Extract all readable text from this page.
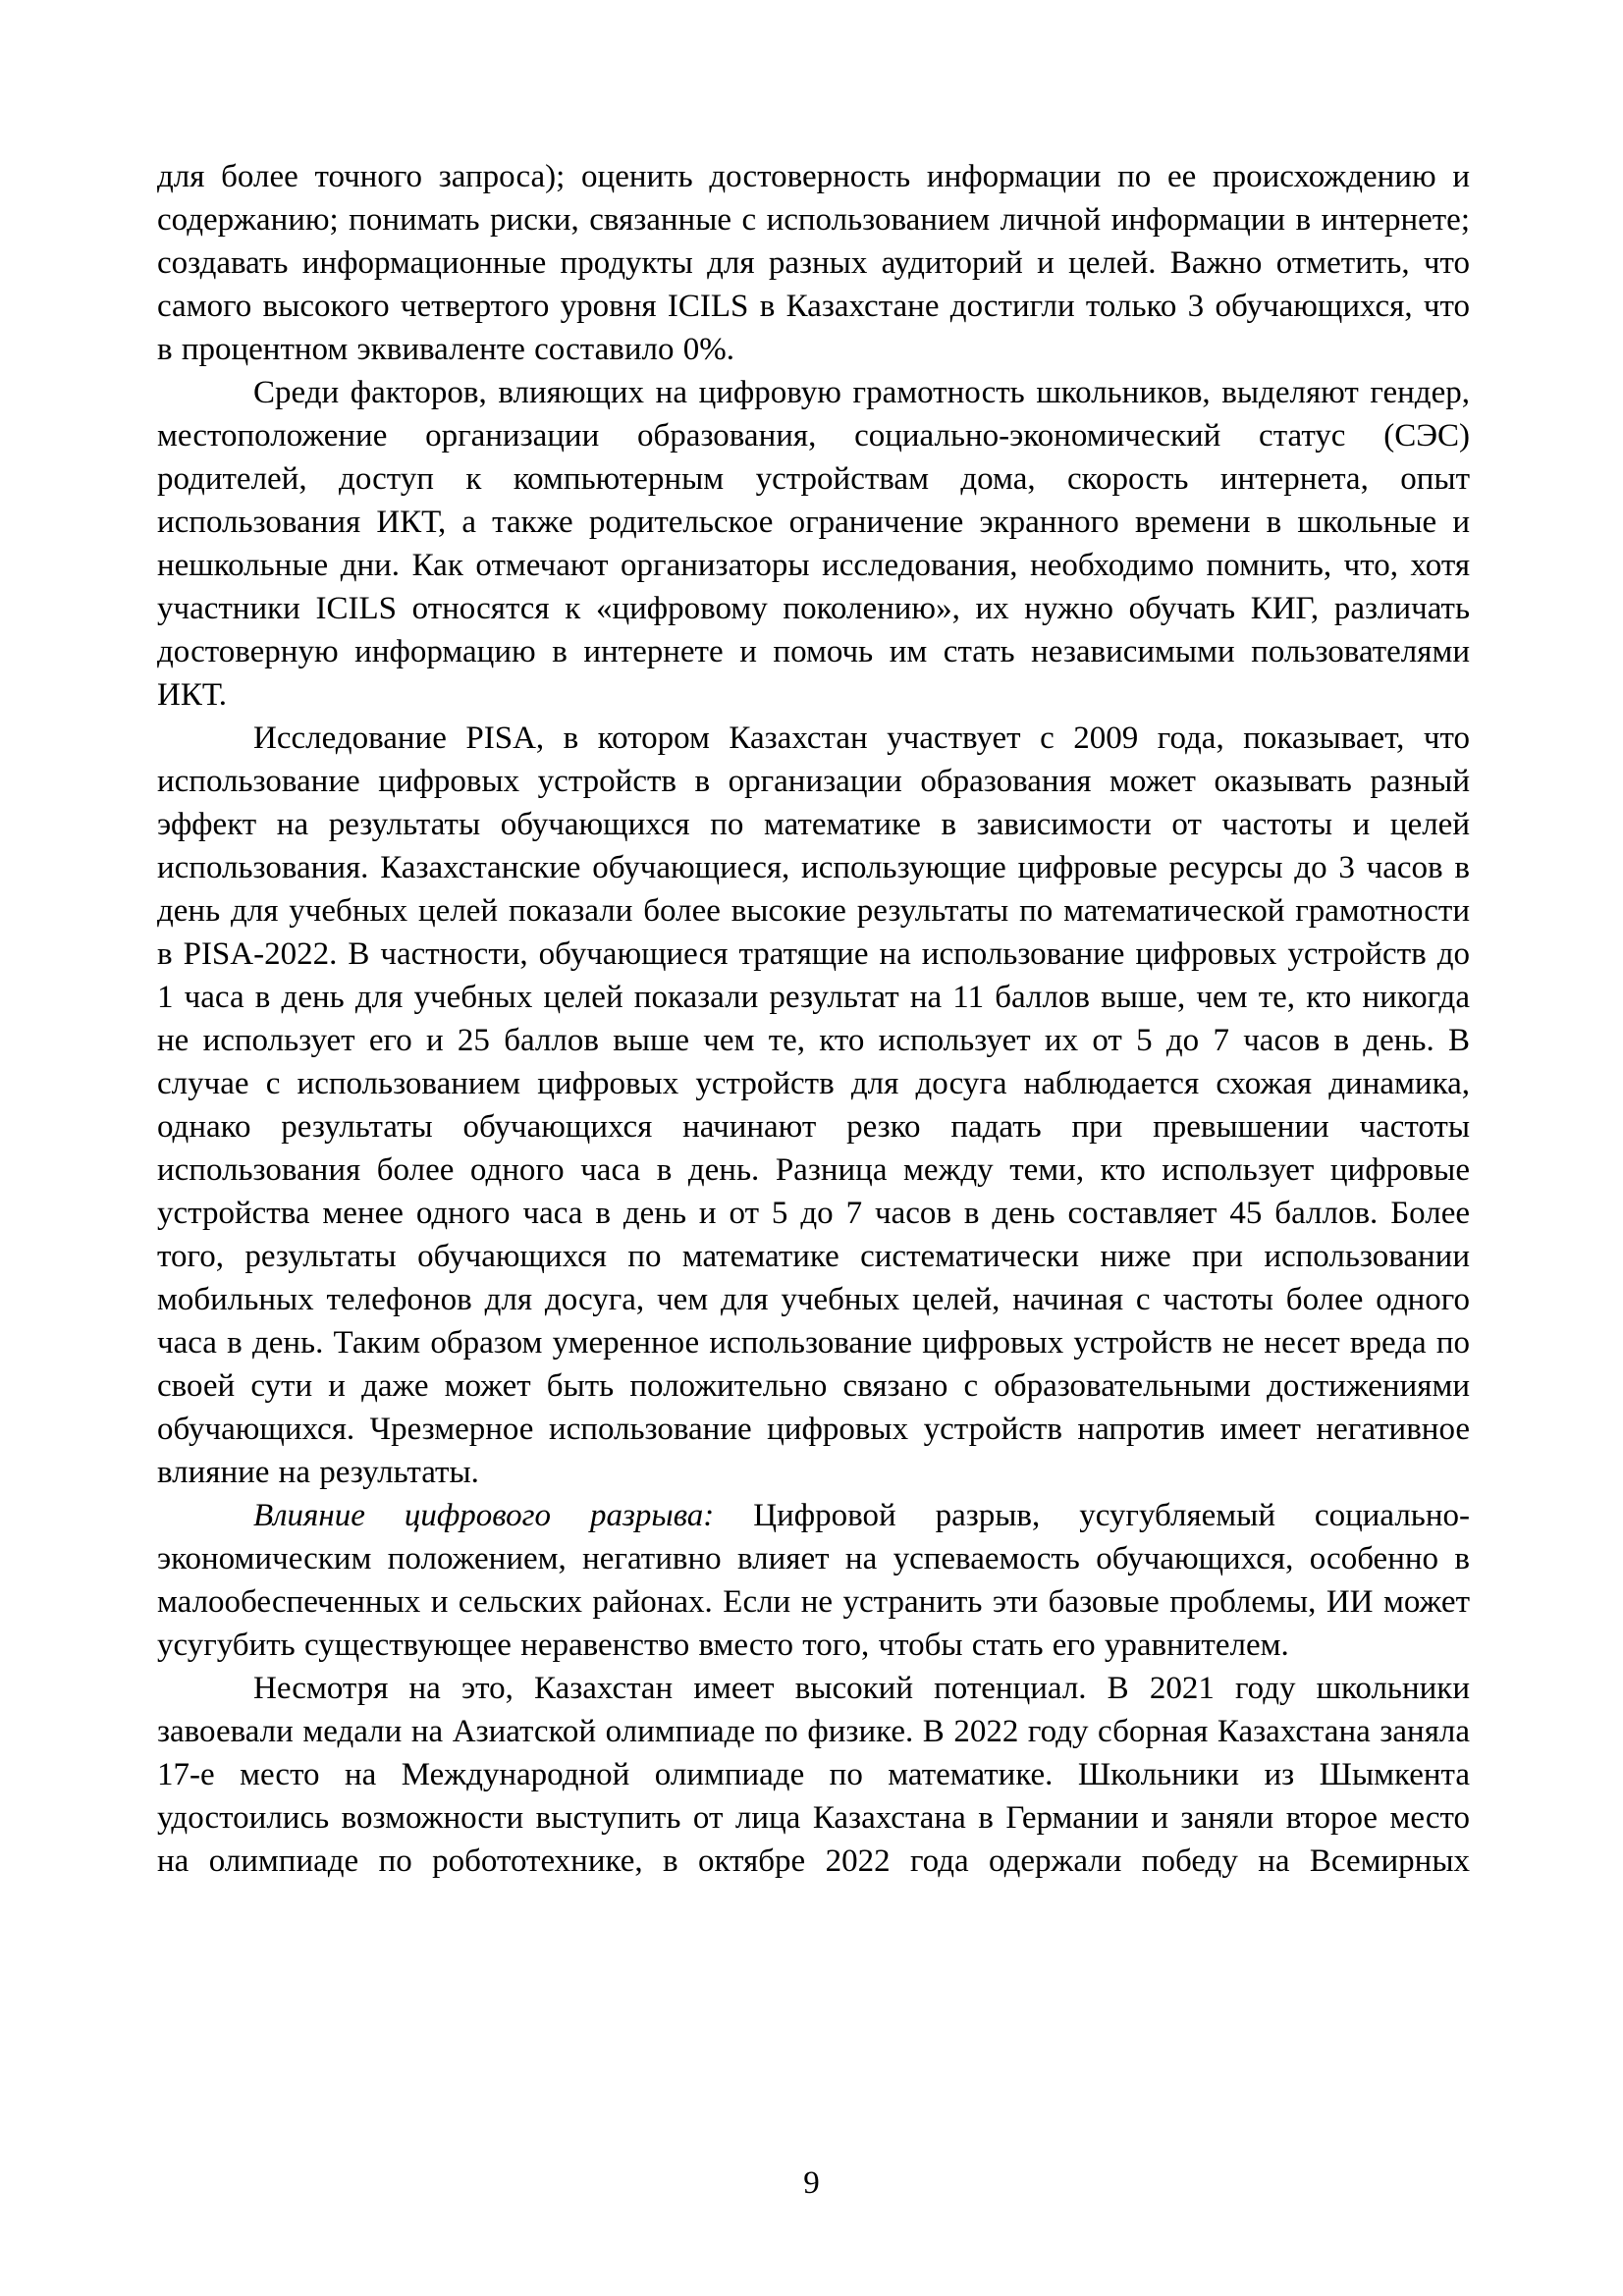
для более точного запроса); оценить достоверность информации по ее происхождению и содержанию; понимать риски, связанные с использованием личной информации в интернете; создавать информационные продукты для разных аудиторий и целей. Важно отметить, что самого высокого четвертого уровня ICILS в Казахстане достигли только 3 обучающихся, что в процентном эквиваленте составило 0%.

Среди факторов, влияющих на цифровую грамотность школьников, выделяют гендер, местоположение организации образования, социально-экономический статус (СЭС) родителей, доступ к компьютерным устройствам дома, скорость интернета, опыт использования ИКТ, а также родительское ограничение экранного времени в школьные и нешкольные дни. Как отмечают организаторы исследования, необходимо помнить, что, хотя участники ICILS относятся к «цифровому поколению», их нужно обучать КИГ, различать достоверную информацию в интернете и помочь им стать независимыми пользователями ИКТ.

Исследование PISA, в котором Казахстан участвует с 2009 года, показывает, что использование цифровых устройств в организации образования может оказывать разный эффект на результаты обучающихся по математике в зависимости от частоты и целей использования. Казахстанские обучающиеся, использующие цифровые ресурсы до 3 часов в день для учебных целей показали более высокие результаты по математической грамотности в PISA-2022. В частности, обучающиеся тратящие на использование цифровых устройств до 1 часа в день для учебных целей показали результат на 11 баллов выше, чем те, кто никогда не использует его и 25 баллов выше чем те, кто использует их от 5 до 7 часов в день. В случае с использованием цифровых устройств для досуга наблюдается схожая динамика, однако результаты обучающихся начинают резко падать при превышении частоты использования более одного часа в день. Разница между теми, кто использует цифровые устройства менее одного часа в день и от 5 до 7 часов в день составляет 45 баллов. Более того, результаты обучающихся по математике систематически ниже при использовании мобильных телефонов для досуга, чем для учебных целей, начиная с частоты более одного часа в день. Таким образом умеренное использование цифровых устройств не несет вреда по своей сути и даже может быть положительно связано с образовательными достижениями обучающихся. Чрезмерное использование цифровых устройств напротив имеет негативное влияние на результаты.

Влияние цифрового разрыва: Цифровой разрыв, усугубляемый социально-экономическим положением, негативно влияет на успеваемость обучающихся, особенно в малообеспеченных и сельских районах. Если не устранить эти базовые проблемы, ИИ может усугубить существующее неравенство вместо того, чтобы стать его уравнителем.

Несмотря на это, Казахстан имеет высокий потенциал. В 2021 году школьники завоевали медали на Азиатской олимпиаде по физике. В 2022 году сборная Казахстана заняла 17-е место на Международной олимпиаде по математике. Школьники из Шымкента удостоились возможности выступить от лица Казахстана в Германии и заняли второе место на олимпиаде по робототехнике, в октябре 2022 года одержали победу на Всемирных

9
